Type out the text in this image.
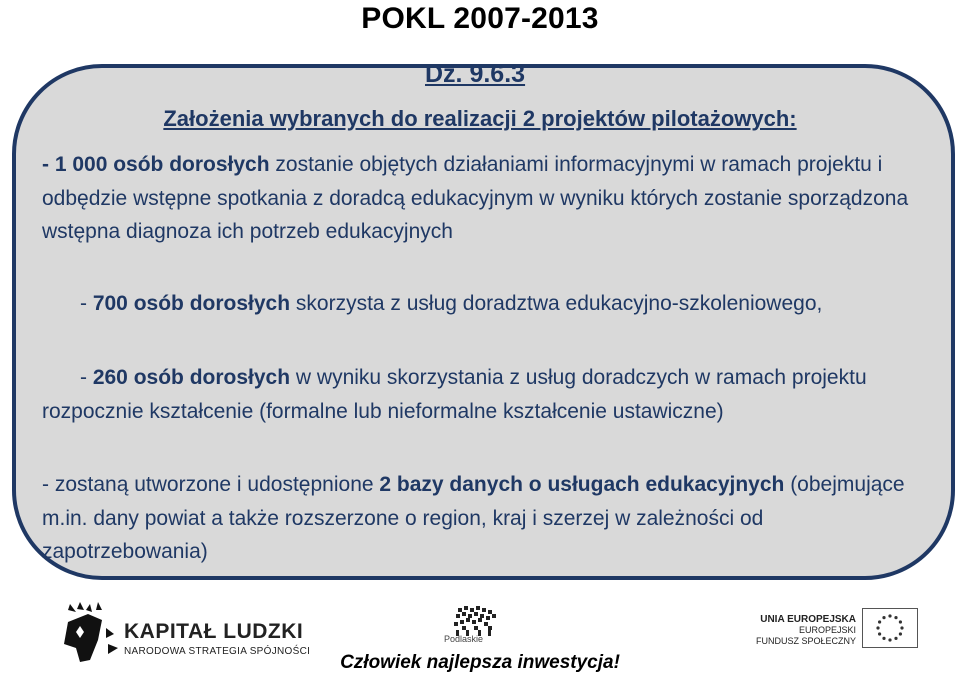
POKL 2007-2013
Dz. 9.6.3
Założenia wybranych do realizacji 2 projektów pilotażowych:
- 1 000 osób dorosłych zostanie objętych działaniami informacyjnymi w ramach projektu i odbędzie wstępne spotkania z doradcą edukacyjnym w wyniku których zostanie sporządzona wstępna diagnoza ich potrzeb edukacyjnych
- 700 osób dorosłych skorzysta z usług doradztwa edukacyjno-szkoleniowego,
- 260 osób dorosłych w wyniku skorzystania z usług doradczych w ramach projektu rozpocznie kształcenie (formalne lub nieformalne kształcenie ustawiczne)
- zostaną utworzone i udostępnione 2 bazy danych o usługach edukacyjnych (obejmujące m.in. dany powiat a także rozszerzone o region, kraj i szerzej w zależności od zapotrzebowania)
KAPITAŁ LUDZKI
NARODOWA STRATEGIA SPÓJNOŚCI
Podlaskie
UNIA EUROPEJSKA
EUROPEJSKI
FUNDUSZ SPOŁECZNY
Człowiek najlepsza inwestycja!
